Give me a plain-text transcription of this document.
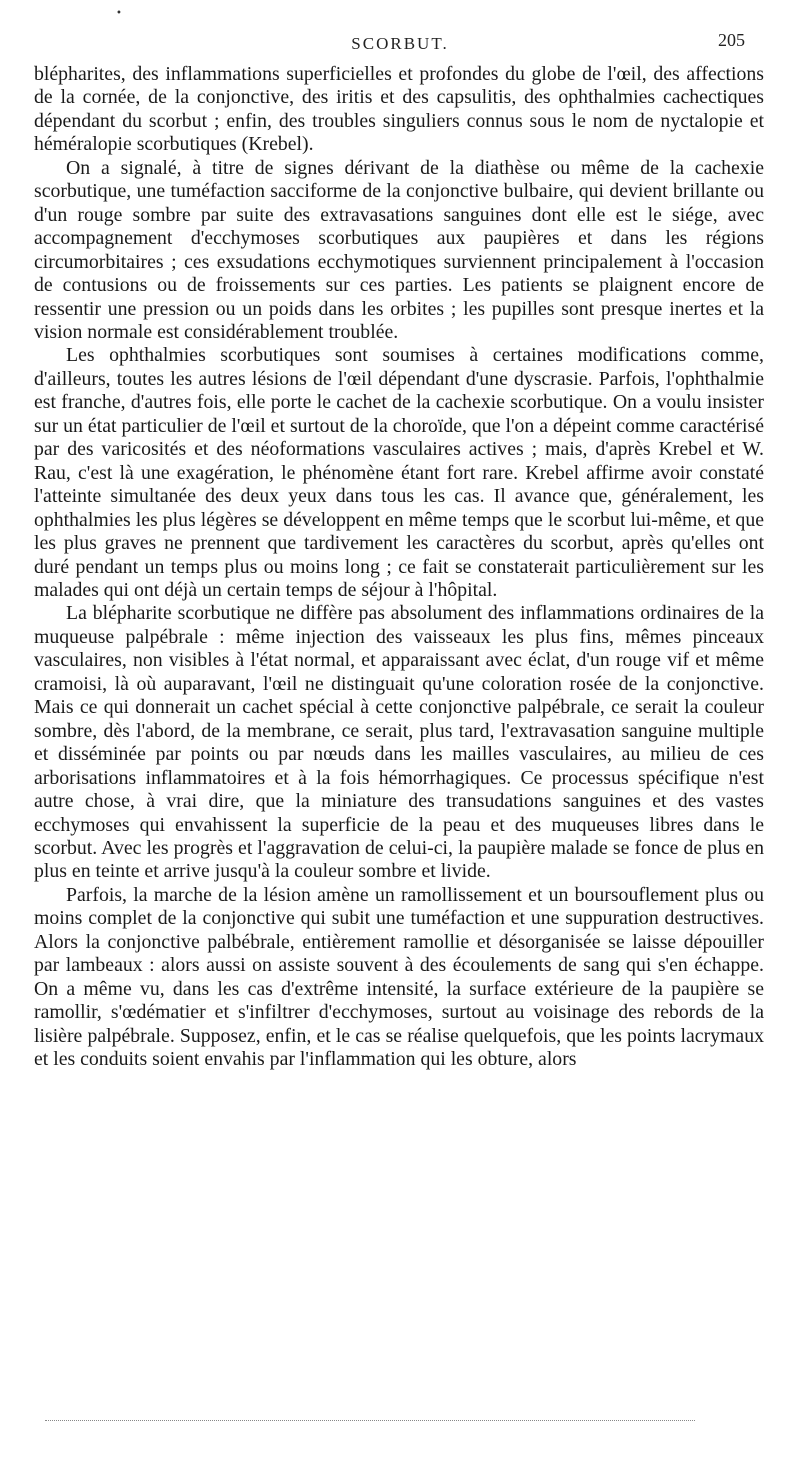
•
SCORBUT.	205

blépharites, des inflammations superficielles et profondes du globe de l'œil, des affections de la cornée, de la conjonctive, des iritis et des capsulitis, des ophthalmies cachectiques dépendant du scorbut ; enfin, des troubles singuliers connus sous le nom de nyctalopie et héméralopie scorbutiques (Krebel).

On a signalé, à titre de signes dérivant de la diathèse ou même de la cachexie scorbutique, une tuméfaction sacciforme de la conjonctive bulbaire, qui devient brillante ou d'un rouge sombre par suite des extravasations sanguines dont elle est le siége, avec accompagnement d'ecchymoses scorbutiques aux paupières et dans les régions circumorbitaires ; ces exsudations ecchymotiques surviennent principalement à l'occasion de contusions ou de froissements sur ces parties. Les patients se plaignent encore de ressentir une pression ou un poids dans les orbites ; les pupilles sont presque inertes et la vision normale est considérablement troublée.

Les ophthalmies scorbutiques sont soumises à certaines modifications comme, d'ailleurs, toutes les autres lésions de l'œil dépendant d'une dyscrasie. Parfois, l'ophthalmie est franche, d'autres fois, elle porte le cachet de la cachexie scorbutique. On a voulu insister sur un état particulier de l'œil et surtout de la choroïde, que l'on a dépeint comme caractérisé par des varicosités et des néoformations vasculaires actives ; mais, d'après Krebel et W. Rau, c'est là une exagération, le phénomène étant fort rare. Krebel affirme avoir constaté l'atteinte simultanée des deux yeux dans tous les cas. Il avance que, généralement, les ophthalmies les plus légères se développent en même temps que le scorbut lui-même, et que les plus graves ne prennent que tardivement les caractères du scorbut, après qu'elles ont duré pendant un temps plus ou moins long ; ce fait se constaterait particulièrement sur les malades qui ont déjà un certain temps de séjour à l'hôpital.

La blépharite scorbutique ne diffère pas absolument des inflammations ordinaires de la muqueuse palpébrale : même injection des vaisseaux les plus fins, mêmes pinceaux vasculaires, non visibles à l'état normal, et apparaissant avec éclat, d'un rouge vif et même cramoisi, là où auparavant, l'œil ne distinguait qu'une coloration rosée de la conjonctive. Mais ce qui donnerait un cachet spécial à cette conjonctive palpébrale, ce serait la couleur sombre, dès l'abord, de la membrane, ce serait, plus tard, l'extravasation sanguine multiple et disséminée par points ou par nœuds dans les mailles vasculaires, au milieu de ces arborisations inflammatoires et à la fois hémorrhagiques. Ce processus spécifique n'est autre chose, à vrai dire, que la miniature des transudations sanguines et des vastes ecchymoses qui envahissent la superficie de la peau et des muqueuses libres dans le scorbut. Avec les progrès et l'aggravation de celui-ci, la paupière malade se fonce de plus en plus en teinte et arrive jusqu'à la couleur sombre et livide.

Parfois, la marche de la lésion amène un ramollissement et un boursouflement plus ou moins complet de la conjonctive qui subit une tuméfaction et une suppuration destructives. Alors la conjonctive palbébrale, entièrement ramollie et désorganisée se laisse dépouiller par lambeaux : alors aussi on assiste souvent à des écoulements de sang qui s'en échappe. On a même vu, dans les cas d'extrême intensité, la surface extérieure de la paupière se ramollir, s'œdématier et s'infiltrer d'ecchymoses, surtout au voisinage des rebords de la lisière palpébrale. Supposez, enfin, et le cas se réalise quelquefois, que les points lacrymaux et les conduits soient envahis par l'inflammation qui les obture, alors
